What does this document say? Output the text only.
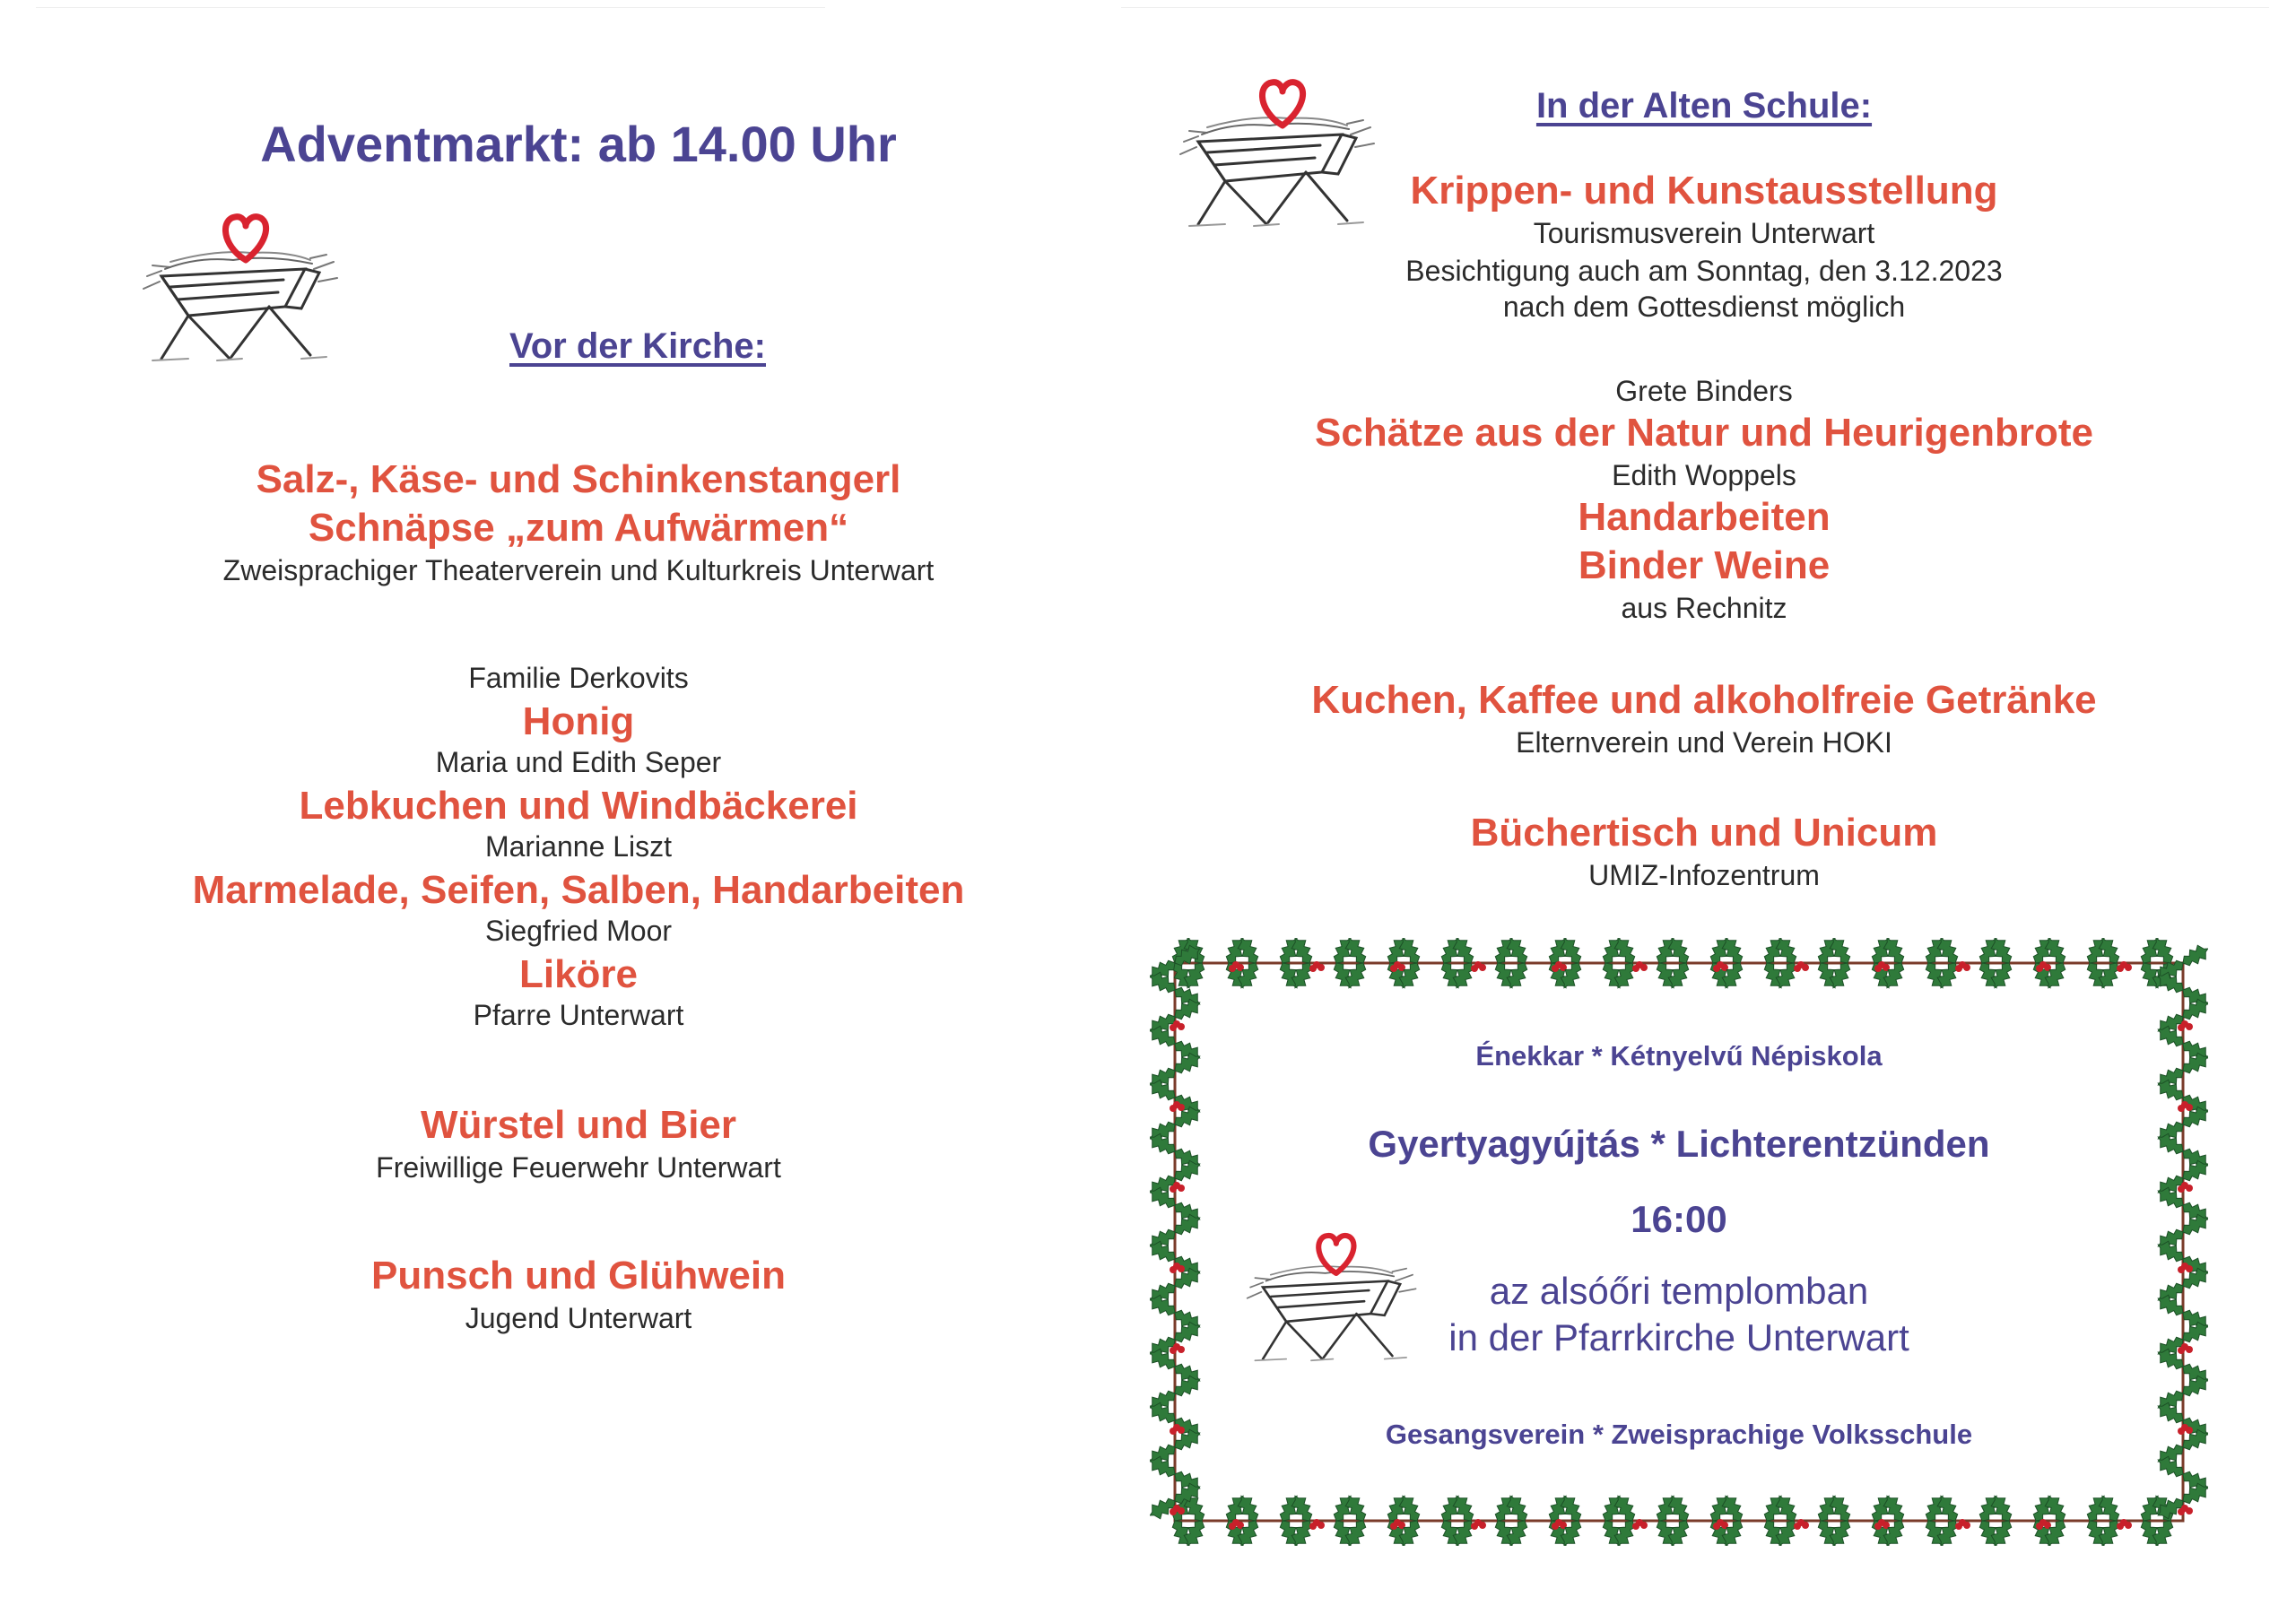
Adventmarkt: ab 14.00 Uhr
Vor der Kirche:
Salz-, Käse- und Schinkenstangerl
Schnäpse „zum Aufwärmen“
Zweisprachiger Theaterverein und Kulturkreis Unterwart
Familie Derkovits
Honig
Maria und Edith Seper
Lebkuchen und Windbäckerei
Marianne Liszt
Marmelade, Seifen, Salben, Handarbeiten
Siegfried Moor
Liköre
Pfarre Unterwart
Würstel und Bier
Freiwillige Feuerwehr Unterwart
Punsch und Glühwein
Jugend Unterwart
In der Alten Schule:
Krippen- und Kunstausstellung
Tourismusverein Unterwart
Besichtigung auch am Sonntag, den 3.12.2023
nach dem Gottesdienst möglich
Grete Binders
Schätze aus der Natur und Heurigenbrote
Edith Woppels
Handarbeiten
Binder Weine
aus Rechnitz
Kuchen, Kaffee und alkoholfreie Getränke
Elternverein und Verein HOKI
Büchertisch und Unicum
UMIZ-Infozentrum
Énekkar * Kétnyelvű Népiskola
Gyertyagyújtás * Lichterentzünden
16:00
az alsóőri templomban
in der Pfarrkirche Unterwart
Gesangsverein * Zweisprachige Volksschule
